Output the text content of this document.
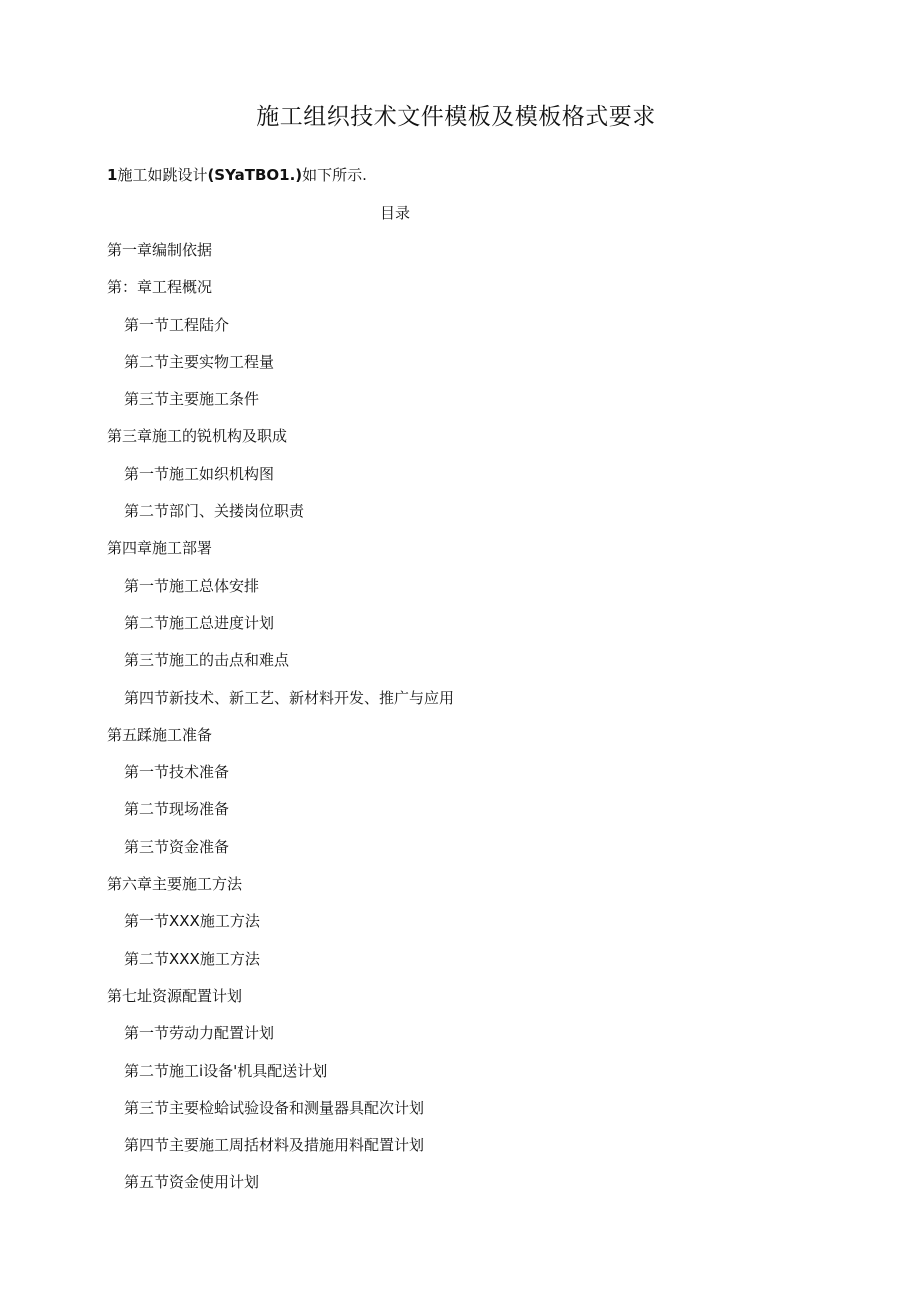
施工组织技术文件模板及模板格式要求
1施工如跳设计(SYaTBO1.)如下所示.
目录
第一章编制依据
第：章工程概况
第一节工程陆介
第二节主要实物工程量
第三节主要施工条件
第三章施工的锐机构及职成
第一节施工如织机构图
第二节部门、关搂岗位职责
第四章施工部署
第一节施工总体安排
第二节施工总进度计划
第三节施工的击点和难点
第四节新技术、新工艺、新材料开发、推广与应用
第五蹂施工准备
第一节技术准备
第二节现场准备
第三节资金准备
第六章主要施工方法
第一节XXX施工方法
第二节XXX施工方法
第七址资源配置计划
第一节劳动力配置计划
第二节施工i设备'机具配送计划
第三节主要检蛤试验设备和测量器具配次计划
第四节主要施工周括材料及措施用料配置计划
第五节资金使用计划
